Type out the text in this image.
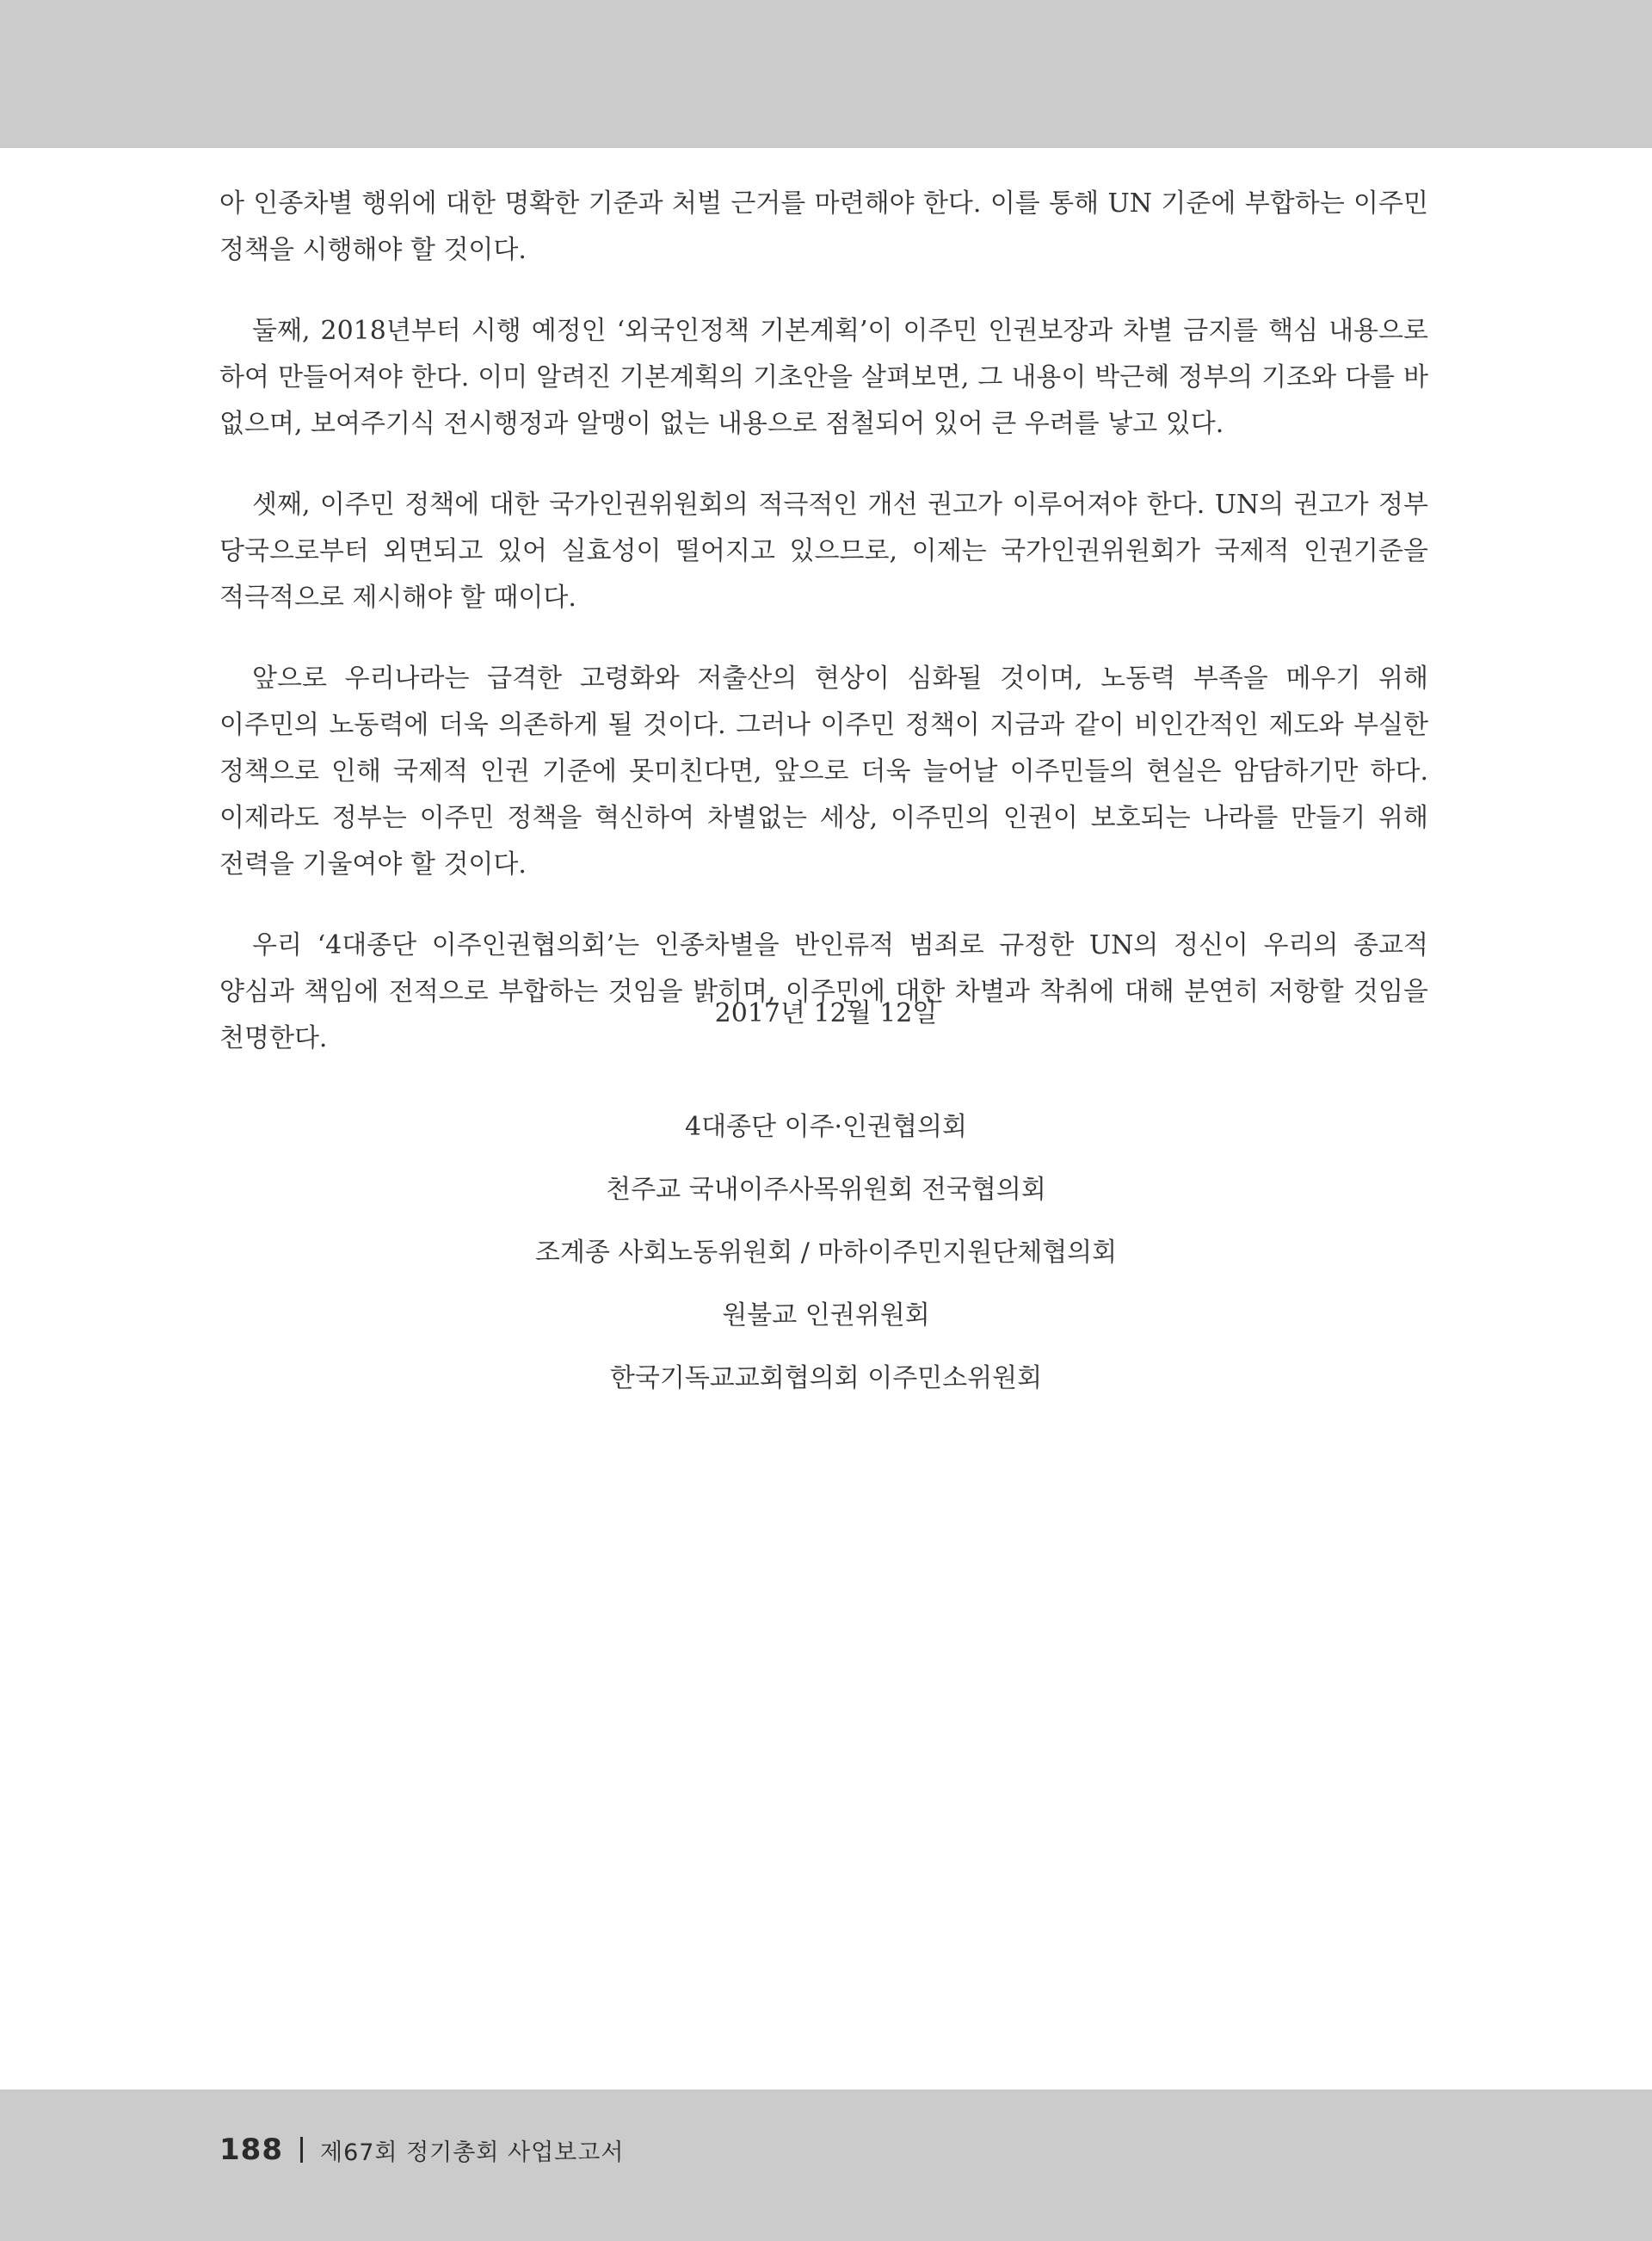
아 인종차별 행위에 대한 명확한 기준과 처벌 근거를 마련해야 한다. 이를 통해 UN 기준에 부합하는 이주민 정책을 시행해야 할 것이다.

둘째, 2018년부터 시행 예정인 ‘외국인정책 기본계획’이 이주민 인권보장과 차별 금지를 핵심 내용으로 하여 만들어져야 한다. 이미 알려진 기본계획의 기초안을 살펴보면, 그 내용이 박근혜 정부의 기조와 다를 바 없으며, 보여주기식 전시행정과 알맹이 없는 내용으로 점철되어 있어 큰 우려를 낳고 있다.

셋째, 이주민 정책에 대한 국가인권위원회의 적극적인 개선 권고가 이루어져야 한다. UN의 권고가 정부 당국으로부터 외면되고 있어 실효성이 떨어지고 있으므로, 이제는 국가인권위원회가 국제적 인권기준을 적극적으로 제시해야 할 때이다.

앞으로 우리나라는 급격한 고령화와 저출산의 현상이 심화될 것이며, 노동력 부족을 메우기 위해 이주민의 노동력에 더욱 의존하게 될 것이다. 그러나 이주민 정책이 지금과 같이 비인간적인 제도와 부실한 정책으로 인해 국제적 인권 기준에 못미친다면, 앞으로 더욱 늘어날 이주민들의 현실은 암담하기만 하다. 이제라도 정부는 이주민 정책을 혁신하여 차별없는 세상, 이주민의 인권이 보호되는 나라를 만들기 위해 전력을 기울여야 할 것이다.

우리 ‘4대종단 이주인권협의회’는 인종차별을 반인류적 범죄로 규정한 UN의 정신이 우리의 종교적 양심과 책임에 전적으로 부합하는 것임을 밝히며, 이주민에 대한 차별과 착취에 대해 분연히 저항할 것임을 천명한다.

2017년 12월 12일
4대종단 이주·인권협의회
천주교 국내이주사목위원회 전국협의회
조계종 사회노동위원회 / 마하이주민지원단체협의회
원불교 인권위원회
한국기독교교회협의회 이주민소위원회
188 제67회 정기총회 사업보고서
